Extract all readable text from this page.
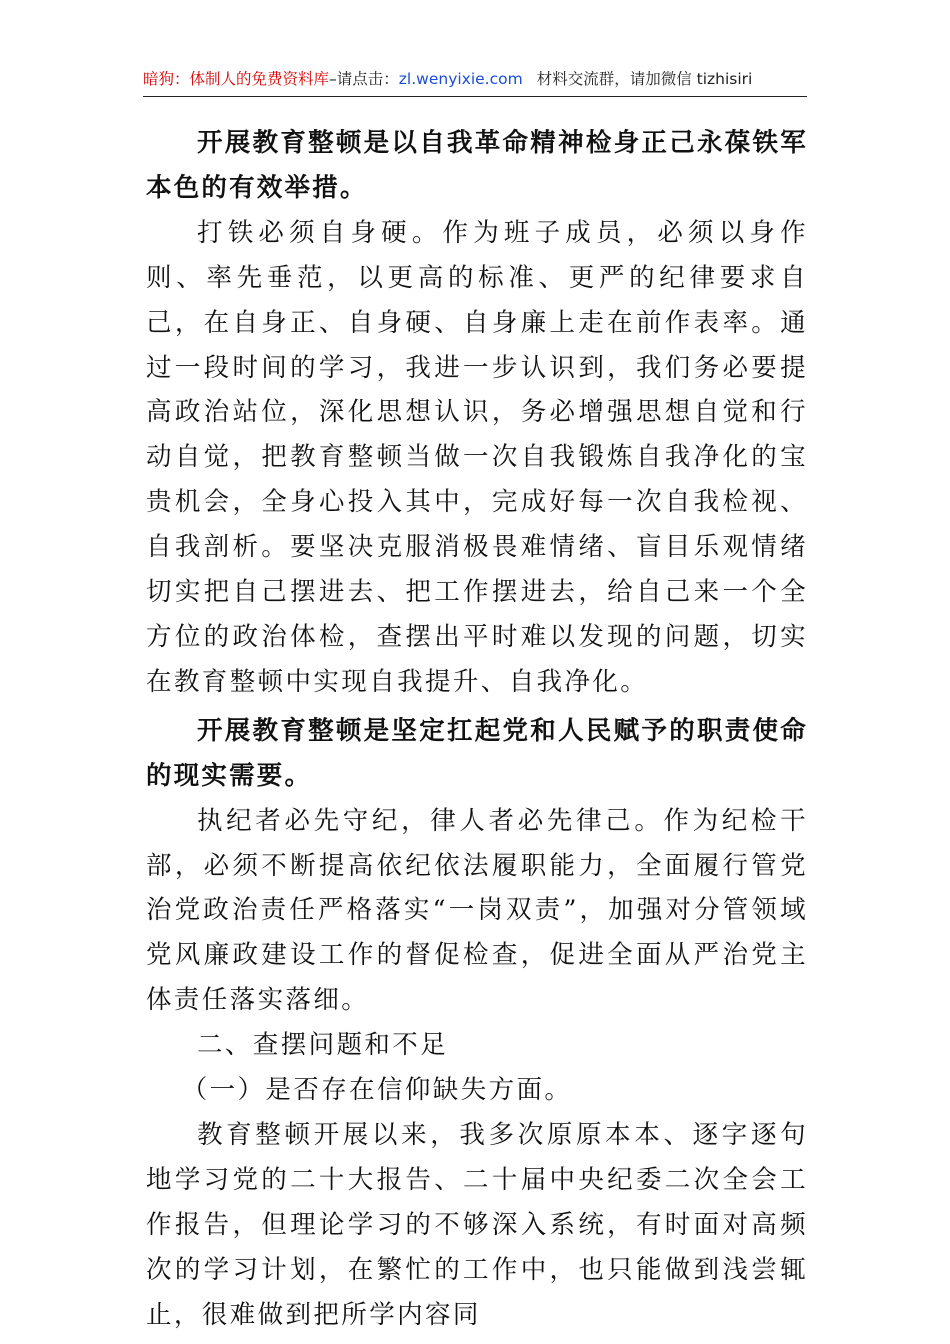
暗狗：体制人的免费资料库–请点击：zl.wenyixie.com 材料交流群，请加微信 tizhisiri

开展教育整顿是以自我革命精神检身正己永葆铁军本色的有效举措。

打铁必须自身硬。作为班子成员，必须以身作则、率先垂范，以更高的标准、更严的纪律要求自己，在自身正、自身硬、自身廉上走在前作表率。通过一段时间的学习，我进一步认识到，我们务必要提高政治站位，深化思想认识，务必增强思想自觉和行动自觉，把教育整顿当做一次自我锻炼自我净化的宝贵机会，全身心投入其中，完成好每一次自我检视、自我剖析。要坚决克服消极畏难情绪、盲目乐观情绪切实把自己摆进去、把工作摆进去，给自己来一个全方位的政治体检，查摆出平时难以发现的问题，切实在教育整顿中实现自我提升、自我净化。

开展教育整顿是坚定扛起党和人民赋予的职责使命的现实需要。

执纪者必先守纪，律人者必先律己。作为纪检干部，必须不断提高依纪依法履职能力，全面履行管党治党政治责任严格落实“一岗双责”，加强对分管领域党风廉政建设工作的督促检查，促进全面从严治党主体责任落实落细。

二、查摆问题和不足

（一）是否存在信仰缺失方面。

教育整顿开展以来，我多次原原本本、逐字逐句地学习党的二十大报告、二十届中央纪委二次全会工作报告，但理论学习的不够深入系统，有时面对高频次的学习计划，在繁忙的工作中，也只能做到浅尝辄止，很难做到把所学内容同
